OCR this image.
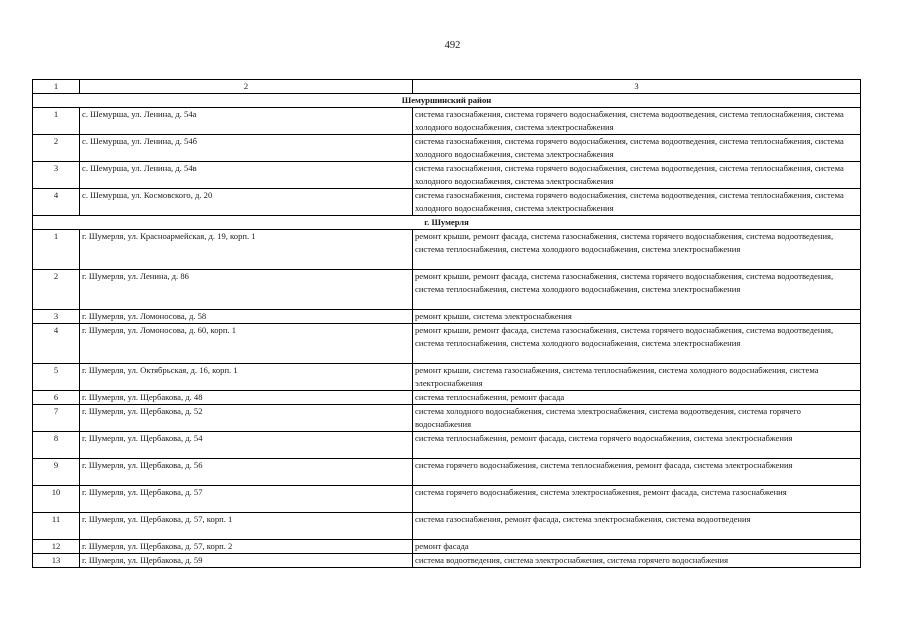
492
1	2	3
Шемуршинский район		
1	с. Шемурша, ул. Ленина, д. 54а	система газоснабжения, система горячего водоснабжения, система водоотведения, система теплоснабжения, система холодного водоснабжения, система электроснабжения
2	с. Шемурша, ул. Ленина, д. 54б	система газоснабжения, система горячего водоснабжения, система водоотведения, система теплоснабжения, система холодного водоснабжения, система электроснабжения
3	с. Шемурша, ул. Ленина, д. 54в	система газоснабжения, система горячего водоснабжения, система водоотведения, система теплоснабжения, система холодного водоснабжения, система электроснабжения
4	с. Шемурша, ул. Космовского, д. 20	система газоснабжения, система горячего водоснабжения, система водоотведения, система теплоснабжения, система холодного водоснабжения, система электроснабжения
г. Шумерля		
1	г. Шумерля, ул. Красноармейская, д. 19, корп. 1	ремонт крыши, ремонт фасада, система газоснабжения, система горячего водоснабжения, система водоотведения, система теплоснабжения, система холодного водоснабжения, система электроснабжения
2	г. Шумерля, ул. Ленина, д. 86	ремонт крыши, ремонт фасада, система газоснабжения, система горячего водоснабжения, система водоотведения, система теплоснабжения, система холодного водоснабжения, система электроснабжения
3	г. Шумерля, ул. Ломоносова, д. 58	ремонт крыши, система электроснабжения
4	г. Шумерля, ул. Ломоносова, д. 60, корп. 1	ремонт крыши, ремонт фасада, система газоснабжения, система горячего водоснабжения, система водоотведения, система теплоснабжения, система холодного водоснабжения, система электроснабжения
5	г. Шумерля, ул. Октябрьская, д. 16, корп. 1	ремонт крыши, система газоснабжения, система теплоснабжения, система холодного водоснабжения, система электроснабжения
6	г. Шумерля, ул. Щербакова, д. 48	система теплоснабжения, ремонт фасада
7	г. Шумерля, ул. Щербакова, д. 52	система холодного водоснабжения, система электроснабжения, система водоотведения, система горячего водоснабжения
8	г. Шумерля, ул. Щербакова, д. 54	система теплоснабжения, ремонт фасада, система горячего водоснабжения, система электроснабжения
9	г. Шумерля, ул. Щербакова, д. 56	система горячего водоснабжения, система теплоснабжения, ремонт фасада, система электроснабжения
10	г. Шумерля, ул. Щербакова, д. 57	система горячего водоснабжения, система электроснабжения, ремонт фасада, система газоснабжения
11	г. Шумерля, ул. Щербакова, д. 57, корп. 1	система газоснабжения, ремонт фасада, система электроснабжения, система водоотведения
12	г. Шумерля, ул. Щербакова, д. 57, корп. 2	ремонт фасада
13	г. Шумерля, ул. Щербакова, д. 59	система водоотведения, система электроснабжения, система горячего водоснабжения
